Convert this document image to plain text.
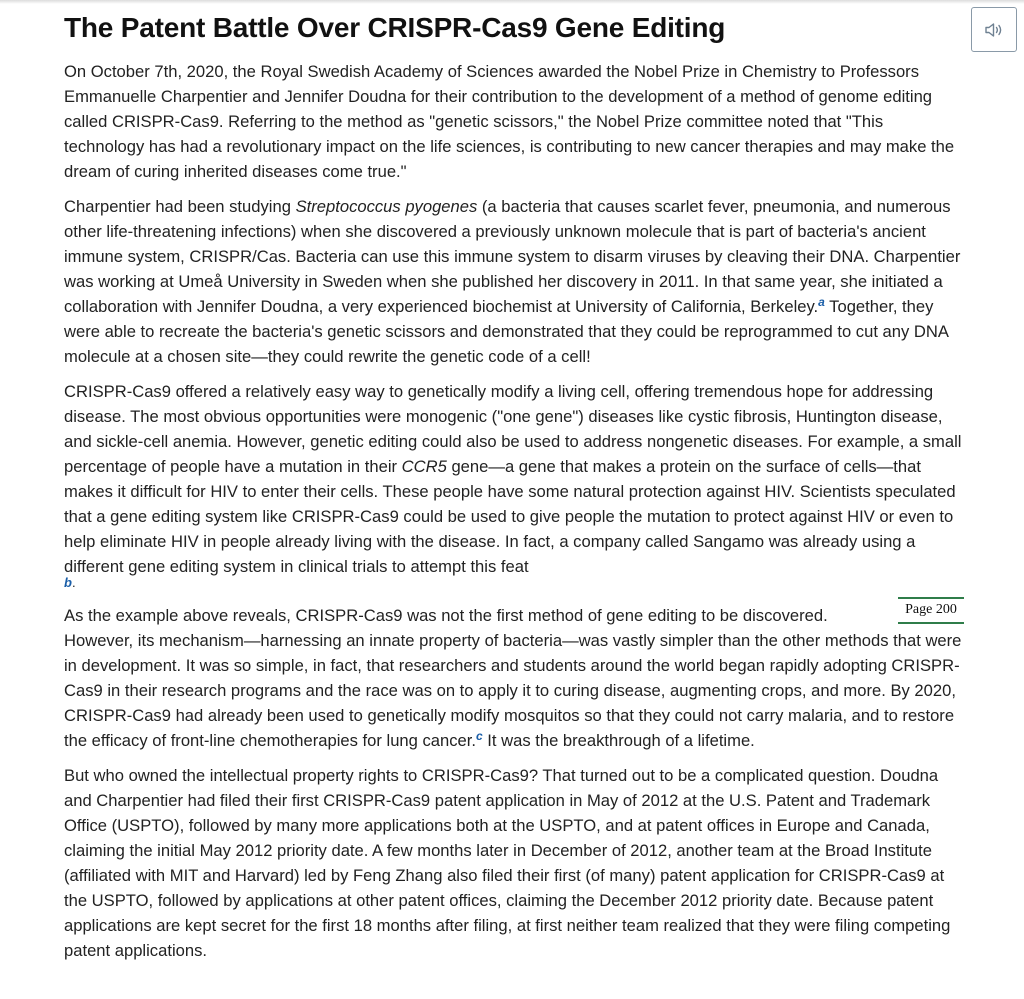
The Patent Battle Over CRISPR-Cas9 Gene Editing

On October 7th, 2020, the Royal Swedish Academy of Sciences awarded the Nobel Prize in Chemistry to Professors Emmanuelle Charpentier and Jennifer Doudna for their contribution to the development of a method of genome editing called CRISPR-Cas9. Referring to the method as "genetic scissors," the Nobel Prize committee noted that "This technology has had a revolutionary impact on the life sciences, is contributing to new cancer therapies and may make the dream of curing inherited diseases come true."

Charpentier had been studying Streptococcus pyogenes (a bacteria that causes scarlet fever, pneumonia, and numerous other life-threatening infections) when she discovered a previously unknown molecule that is part of bacteria's ancient immune system, CRISPR/Cas. Bacteria can use this immune system to disarm viruses by cleaving their DNA. Charpentier was working at Umeå University in Sweden when she published her discovery in 2011. In that same year, she initiated a collaboration with Jennifer Doudna, a very experienced biochemist at University of California, Berkeley.$^a$ Together, they were able to recreate the bacteria's genetic scissors and demonstrated that they could be reprogrammed to cut any DNA molecule at a chosen site—they could rewrite the genetic code of a cell!

CRISPR-Cas9 offered a relatively easy way to genetically modify a living cell, offering tremendous hope for addressing disease. The most obvious opportunities were monogenic ("one gene") diseases like cystic fibrosis, Huntington disease, and sickle-cell anemia. However, genetic editing could also be used to address nongenetic diseases. For example, a small percentage of people have a mutation in their CCR5 gene—a gene that makes a protein on the surface of cells—that makes it difficult for HIV to enter their cells. These people have some natural protection against HIV. Scientists speculated that a gene editing system like CRISPR-Cas9 could be used to give people the mutation to protect against HIV or even to help eliminate HIV in people already living with the disease. In fact, a company called Sangamo was already using a different gene editing system in clinical trials to attempt this feat
b.

Page 200
As the example above reveals, CRISPR-Cas9 was not the first method of gene editing to be discovered. However, its mechanism—harnessing an innate property of bacteria—was vastly simpler than the other methods that were in development. It was so simple, in fact, that researchers and students around the world began rapidly adopting CRISPR-Cas9 in their research programs and the race was on to apply it to curing disease, augmenting crops, and more. By 2020, CRISPR-Cas9 had already been used to genetically modify mosquitos so that they could not carry malaria, and to restore the efficacy of front-line chemotherapies for lung cancer.$^c$ It was the breakthrough of a lifetime.

But who owned the intellectual property rights to CRISPR-Cas9? That turned out to be a complicated question. Doudna and Charpentier had filed their first CRISPR-Cas9 patent application in May of 2012 at the U.S. Patent and Trademark Office (USPTO), followed by many more applications both at the USPTO, and at patent offices in Europe and Canada, claiming the initial May 2012 priority date. A few months later in December of 2012, another team at the Broad Institute (affiliated with MIT and Harvard) led by Feng Zhang also filed their first (of many) patent application for CRISPR-Cas9 at the USPTO, followed by applications at other patent offices, claiming the December 2012 priority date. Because patent applications are kept secret for the first 18 months after filing, at first neither team realized that they were filing competing patent applications.
